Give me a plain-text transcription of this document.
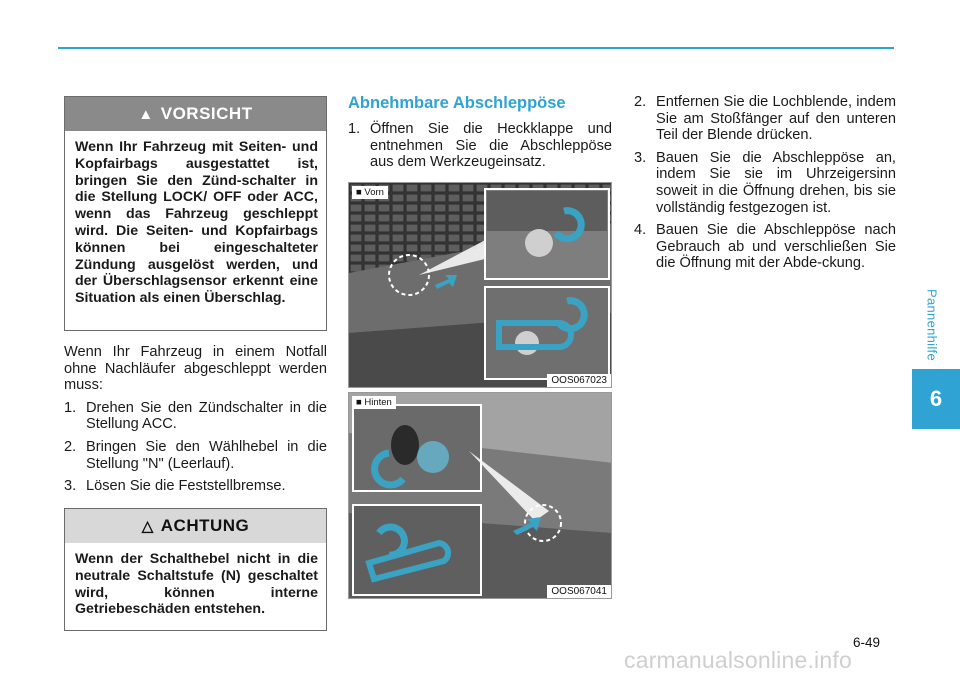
Pannenhilfe
6
▲ VORSICHT
Wenn Ihr Fahrzeug mit Seiten- und Kopfairbags ausgestattet ist, bringen Sie den Zünd-schalter in die Stellung LOCK/ OFF oder ACC, wenn das Fahrzeug geschleppt wird. Die Seiten- und Kopfairbags können bei eingeschalteter Zündung ausgelöst werden, und der Überschlagsensor erkennt eine Situation als einen Überschlag.

Wenn Ihr Fahrzeug in einem Notfall ohne Nachläufer abgeschleppt werden muss:

1. Drehen Sie den Zündschalter in die Stellung ACC.
2. Bringen Sie den Wählhebel in die Stellung "N" (Leerlauf).
3. Lösen Sie die Feststellbremse.
△ ACHTUNG
Wenn der Schalthebel nicht in die neutrale Schaltstufe (N) geschaltet wird, können interne Getriebeschäden entstehen.
Abnehmbare Abschleppöse
1. Öffnen Sie die Heckklappe und entnehmen Sie die Abschleppöse aus dem Werkzeugeinsatz.
■ Vorn
OOS067023
■ Hinten
OOS067041
2. Entfernen Sie die Lochblende, indem Sie am Stoßfänger auf den unteren Teil der Blende drücken.
3. Bauen Sie die Abschleppöse an, indem Sie sie im Uhrzeigersinn soweit in die Öffnung drehen, bis sie vollständig festgezogen ist.
4. Bauen Sie die Abschleppöse nach Gebrauch ab und verschließen Sie die Öffnung mit der Abde-ckung.
6-49
carmanualsonline.info
